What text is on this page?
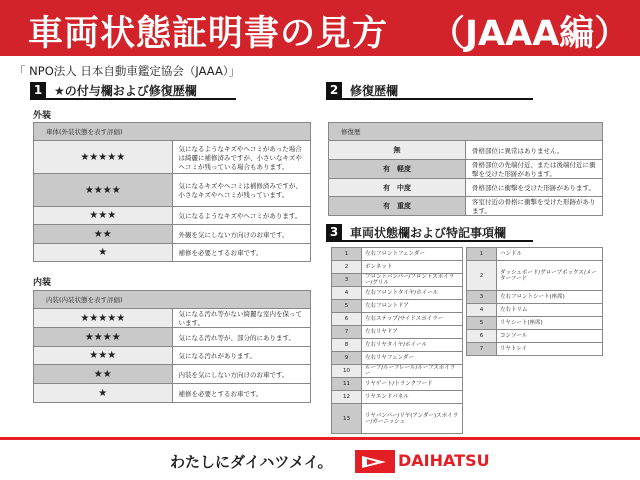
車両状態証明書の見方 （JAAA編）
「 NPO法人 日本自動車鑑定協会（JAAA）」
1 ★の付与欄および修復歴欄
外装
車体(外装状態を表す評価)	
★★★★★	気になるようなキズやヘコミがあった場合は綺麗に補修済みですが、小さいなキズやヘコミが残っている場合もあります。
★★★★	気になるキズやヘコミは補修済みですが、小さなキズやヘコミが残っています。
★★★	気になるようなキズやヘコミがあります。
★★	外観を気にしない方向けのお車です。
★	補修を必要とするお車です。
内装
内装(内装状態を表す評価)	
★★★★★	気になる汚れ等がない綺麗な室内を保っています。
★★★★	気になる汚れ等が、部分的にあります。
★★★	気になる汚れがあります。
★★	内装を気にしない方向けのお車です。
★	補修を必要とするお車です。
2 修復歴欄
修復歴	
無	骨格部位に異常はありません。
有　軽度	骨格部位の先端付近、または後端付近に衝撃を受けた形跡があります。
有　中度	骨格部位に衝撃を受けた形跡があります。
有　重度	客室付近の骨格に衝撃を受けた形跡があります。
3 車両状態欄および特記事項欄
1	左右フロントフェンダー
2	ボンネット
3	フロントバンパー/フロントスポイラー/グリル
4	左右フロントタイヤ/ホイール
5	左右フロントドア
6	左右ステップ/サイドスポイラー
7	左右リヤドア
8	左右リヤタイヤ/ホイール
9	左右リヤフェンダー
10	ルーフ/ルーフレール/ルーフスポイラー
11	リヤゲート/トランクフード
12	リヤエンドパネル
13	リヤバンパー/リヤ(アンダー)スポイラー/ガーニッシュ
1	ハンドル
2	ダッシュボード/グローブボックス/メーターフード
3	左右フロントシート(座席)
4	左右トリム
5	リヤシート(座席)
6	コンソール
7	リヤトレイ
わたしにダイハツメイ。	DAIHATSU
